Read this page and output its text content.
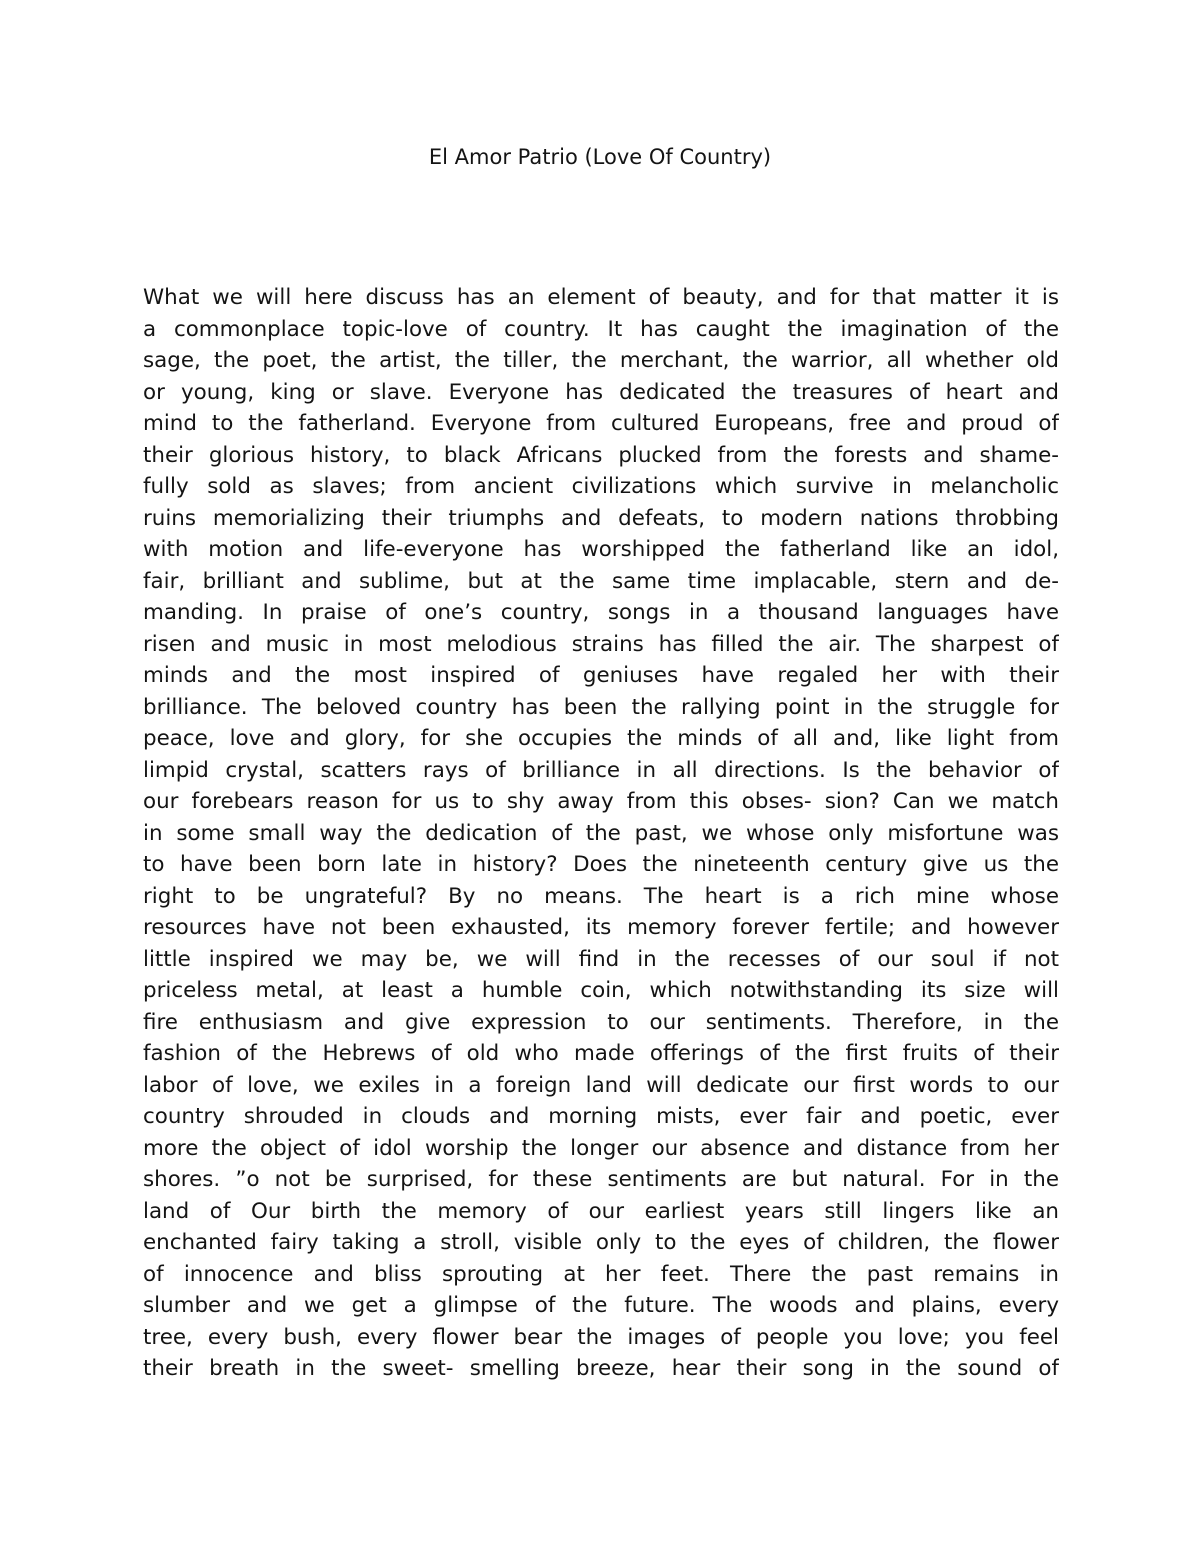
El Amor Patrio (Love Of Country)
What we will here discuss has an element of beauty, and for that matter it is
a commonplace topic-love of country. It has caught the imagination of the
sage, the poet, the artist, the tiller, the merchant, the warrior, all whether old
or young, king or slave. Everyone has dedicated the treasures of heart and
mind to the fatherland. Everyone from cultured Europeans, free and proud of
their glorious history, to black Africans plucked from the forests and shame-
fully sold as slaves; from ancient civilizations which survive in melancholic
ruins memorializing their triumphs and defeats, to modern nations throbbing
with motion and life-everyone has worshipped the fatherland like an idol,
fair, brilliant and sublime, but at the same time implacable, stern and de-
manding. In praise of one’s country, songs in a thousand languages have
risen and music in most melodious strains has filled the air. The sharpest of
minds and the most inspired of geniuses have regaled her with their
brilliance. The beloved country has been the rallying point in the struggle for
peace, love and glory, for she occupies the minds of all and, like light from
limpid crystal, scatters rays of brilliance in all directions. Is the behavior of
our forebears reason for us to shy away from this obses- sion? Can we match
in some small way the dedication of the past, we whose only misfortune was
to have been born late in history? Does the nineteenth century give us the
right to be ungrateful? By no means. The heart is a rich mine whose
resources have not been exhausted, its memory forever fertile; and however
little inspired we may be, we will find in the recesses of our soul if not
priceless metal, at least a humble coin, which notwithstanding its size will
fire enthusiasm and give expression to our sentiments. Therefore, in the
fashion of the Hebrews of old who made offerings of the first fruits of their
labor of love, we exiles in a foreign land will dedicate our first words to our
country shrouded in clouds and morning mists, ever fair and poetic, ever
more the object of idol worship the longer our absence and distance from her
shores. ”o not be surprised, for these sentiments are but natural. For in the
land of Our birth the memory of our earliest years still lingers like an
enchanted fairy taking a stroll, visible only to the eyes of children, the flower
of innocence and bliss sprouting at her feet. There the past remains in
slumber and we get a glimpse of the future. The woods and plains, every
tree, every bush, every flower bear the images of people you love; you feel
their breath in the sweet- smelling breeze, hear their song in the sound of
